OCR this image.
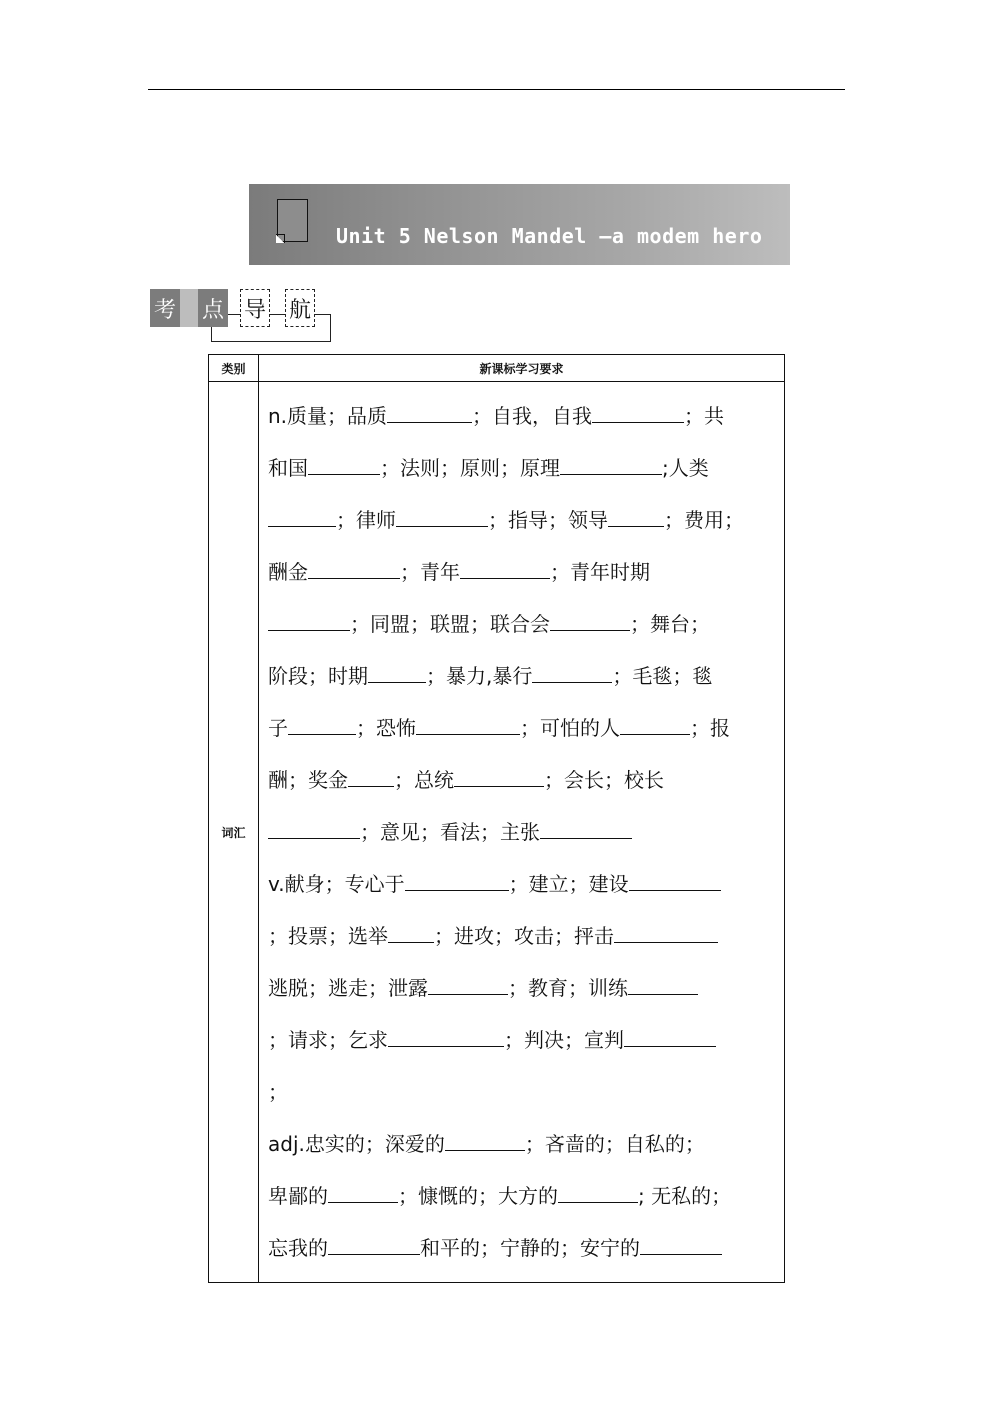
Unit 5 Nelson Mandel —a modem hero
考 点 导 航
类别	新课标学习要求
词汇	
n.质量；品质	；自我，自我	；共
和国	；法则；原则；原理	;人类
；律师	；指导；领导	；费用；
酬金	；青年	；青年时期
；同盟；联盟；联合会	；舞台；
阶段；时期	；暴力,暴行	；毛毯；毯
子	；恐怖	；可怕的人	；报
酬；奖金 ；总统	；会长；校长
；意见；看法；主张
v.献身；专心于	；建立；建设
；投票；选举 ；进攻；攻击；抨击
逃脱；逃走；泄露	；教育；训练
；请求；乞求	；判决；宣判
；
adj.忠实的；深爱的	；吝啬的；自私的；
卑鄙的	；慷慨的；大方的	; 无私的；
忘我的	和平的；宁静的；安宁的
